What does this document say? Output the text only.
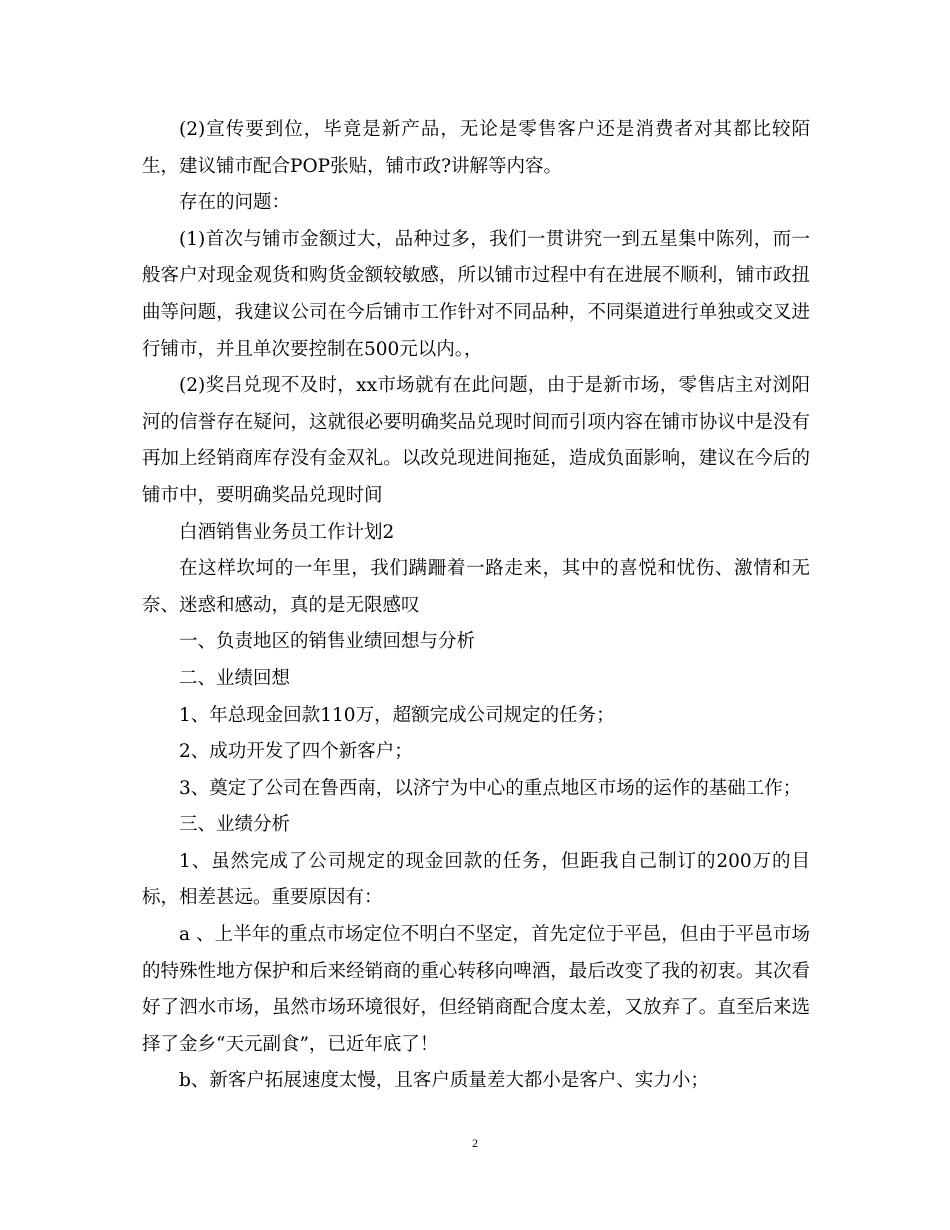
(2)宣传要到位，毕竟是新产品，无论是零售客户还是消费者对其都比较陌生，建议铺市配合POP张贴，铺市政?讲解等内容。

存在的问题：

(1)首次与铺市金额过大，品种过多，我们一贯讲究一到五星集中陈列，而一般客户对现金观货和购货金额较敏感，所以铺市过程中有在进展不顺利，铺市政扭曲等问题，我建议公司在今后铺市工作针对不同品种，不同渠道进行单独或交叉进行铺市，并且单次要控制在500元以内。，

(2)奖吕兑现不及时，xx市场就有在此问题，由于是新市场，零售店主对浏阳河的信誉存在疑问，这就很必要明确奖品兑现时间而引项内容在铺市协议中是没有再加上经销商库存没有金双礼。以改兑现进间拖延，造成负面影响，建议在今后的铺市中，要明确奖品兑现时间

白酒销售业务员工作计划2

在这样坎坷的一年里，我们蹒跚着一路走来，其中的喜悦和忧伤、激情和无奈、迷惑和感动，真的是无限感叹

一、负责地区的销售业绩回想与分析

二、业绩回想

1、年总现金回款110万，超额完成公司规定的任务；

2、成功开发了四个新客户；

3、奠定了公司在鲁西南，以济宁为中心的重点地区市场的运作的基础工作；

三、业绩分析

1、虽然完成了公司规定的现金回款的任务，但距我自己制订的200万的目标，相差甚远。重要原因有：

a 、上半年的重点市场定位不明白不坚定，首先定位于平邑，但由于平邑市场的特殊性地方保护和后来经销商的重心转移向啤酒，最后改变了我的初衷。其次看好了泗水市场，虽然市场环境很好，但经销商配合度太差，又放弃了。直至后来选择了金乡“天元副食”，已近年底了！

b、新客户拓展速度太慢，且客户质量差大都小是客户、实力小；

2
